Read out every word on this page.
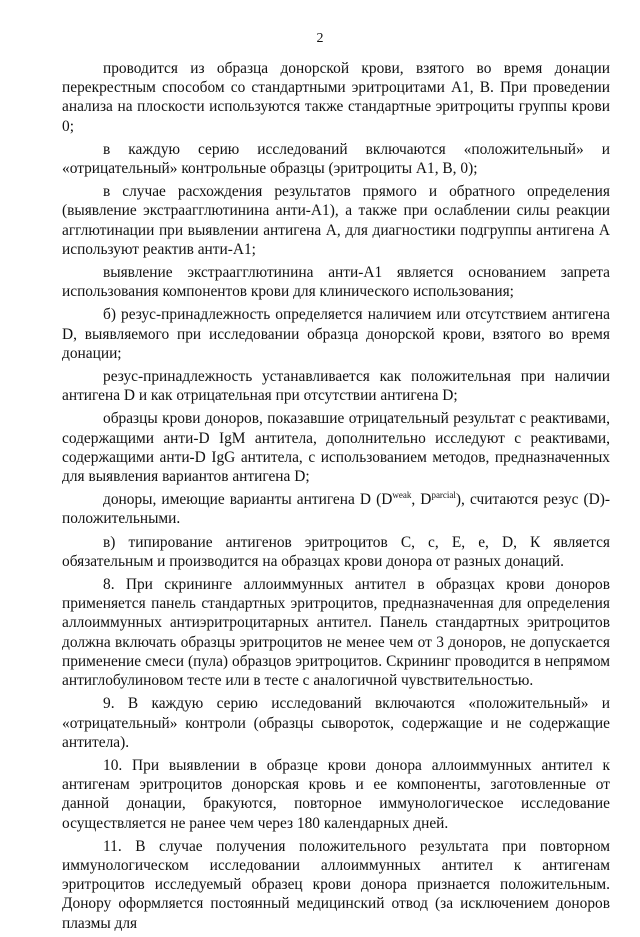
2

проводится из образца донорской крови, взятого во время донации перекрестным способом со стандартными эритроцитами А1, В. При проведении анализа на плоскости используются также стандартные эритроциты группы крови 0;

в каждую серию исследований включаются «положительный» и «отрицательный» контрольные образцы (эритроциты А1, В, 0);

в случае расхождения результатов прямого и обратного определения (выявление экстраагглютинина анти-А1), а также при ослаблении силы реакции агглютинации при выявлении антигена А, для диагностики подгруппы антигена А используют реактив анти-А1;

выявление экстраагглютинина анти-А1 является основанием запрета использования компонентов крови для клинического использования;

б) резус-принадлежность определяется наличием или отсутствием антигена D, выявляемого при исследовании образца донорской крови, взятого во время донации;

резус-принадлежность устанавливается как положительная при наличии антигена D и как отрицательная при отсутствии антигена D;

образцы крови доноров, показавшие отрицательный результат с реактивами, содержащими анти-D IgM антитела, дополнительно исследуют с реактивами, содержащими анти-D IgG антитела, с использованием методов, предназначенных для выявления вариантов антигена D;

доноры, имеющие варианты антигена D ($D^{weak}$, $D^{parcial}$), считаются резус (D)-положительными.

в) типирование антигенов эритроцитов С, с, Е, е, D, К является обязательным и производится на образцах крови донора от разных донаций.

8. При скрининге аллоиммунных антител в образцах крови доноров применяется панель стандартных эритроцитов, предназначенная для определения аллоиммунных антиэритроцитарных антител. Панель стандартных эритроцитов должна включать образцы эритроцитов не менее чем от 3 доноров, не допускается применение смеси (пула) образцов эритроцитов. Скрининг проводится в непрямом антиглобулиновом тесте или в тесте с аналогичной чувствительностью.

9. В каждую серию исследований включаются «положительный» и «отрицательный» контроли (образцы сывороток, содержащие и не содержащие антитела).

10. При выявлении в образце крови донора аллоиммунных антител к антигенам эритроцитов донорская кровь и ее компоненты, заготовленные от данной донации, бракуются, повторное иммунологическое исследование осуществляется не ранее чем через 180 календарных дней.

11. В случае получения положительного результата при повторном иммунологическом исследовании аллоиммунных антител к антигенам эритроцитов исследуемый образец крови донора признается положительным. Донору оформляется постоянный медицинский отвод (за исключением доноров плазмы для
